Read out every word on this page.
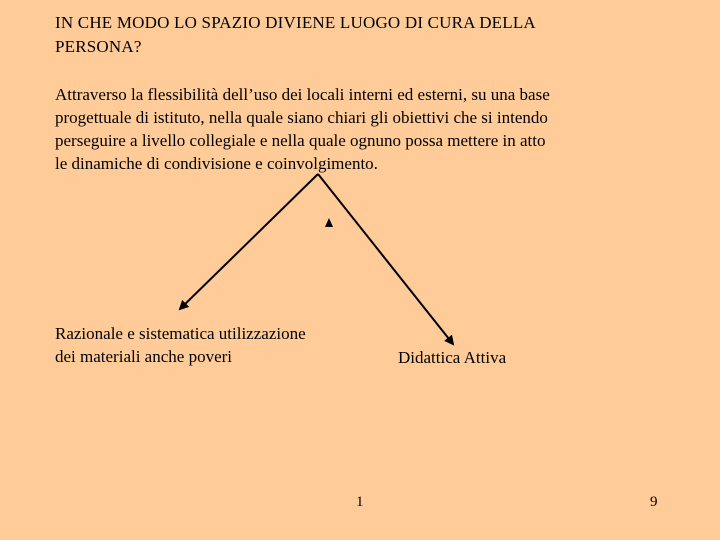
IN CHE MODO LO SPAZIO DIVIENE LUOGO DI CURA DELLA
PERSONA?
Attraverso la flessibilità dell’uso dei locali interni ed esterni, su una base
progettuale di istituto, nella quale siano chiari gli obiettivi che si intendo
perseguire a livello collegiale e nella quale ognuno possa mettere in atto
le dinamiche di condivisione e coinvolgimento.
Razionale e sistematica utilizzazione
dei materiali anche poveri	Didattica Attiva
1	9
